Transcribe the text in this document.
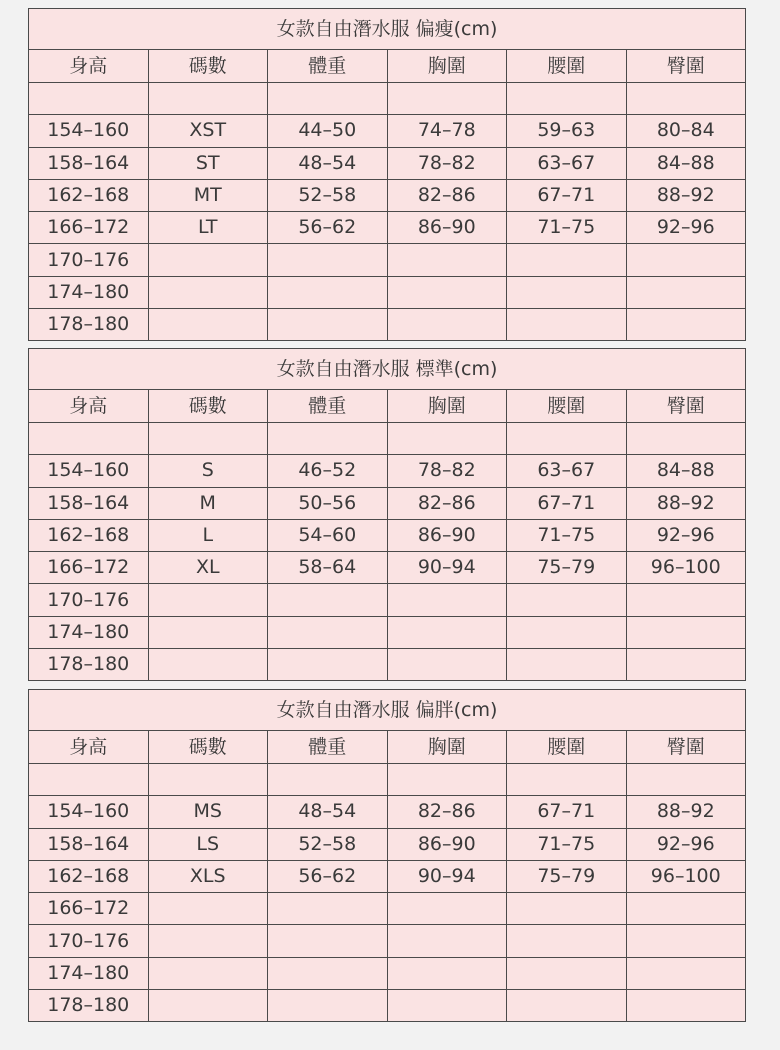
女款自由潛水服 偏瘦(cm)					
身高	碼數	體重	胸圍	腰圍	臀圍

154–160	XST	44–50	74–78	59–63	80–84
158–164	ST	48–54	78–82	63–67	84–88
162–168	MT	52–58	82–86	67–71	88–92
166–172	LT	56–62	86–90	71–75	92–96
170–176					
174–180					
178–180					
女款自由潛水服 標準(cm)					
身高	碼數	體重	胸圍	腰圍	臀圍

154–160	S	46–52	78–82	63–67	84–88
158–164	M	50–56	82–86	67–71	88–92
162–168	L	54–60	86–90	71–75	92–96
166–172	XL	58–64	90–94	75–79	96–100
170–176					
174–180					
178–180					
女款自由潛水服 偏胖(cm)					
身高	碼數	體重	胸圍	腰圍	臀圍

154–160	MS	48–54	82–86	67–71	88–92
158–164	LS	52–58	86–90	71–75	92–96
162–168	XLS	56–62	90–94	75–79	96–100
166–172					
170–176					
174–180					
178–180					
